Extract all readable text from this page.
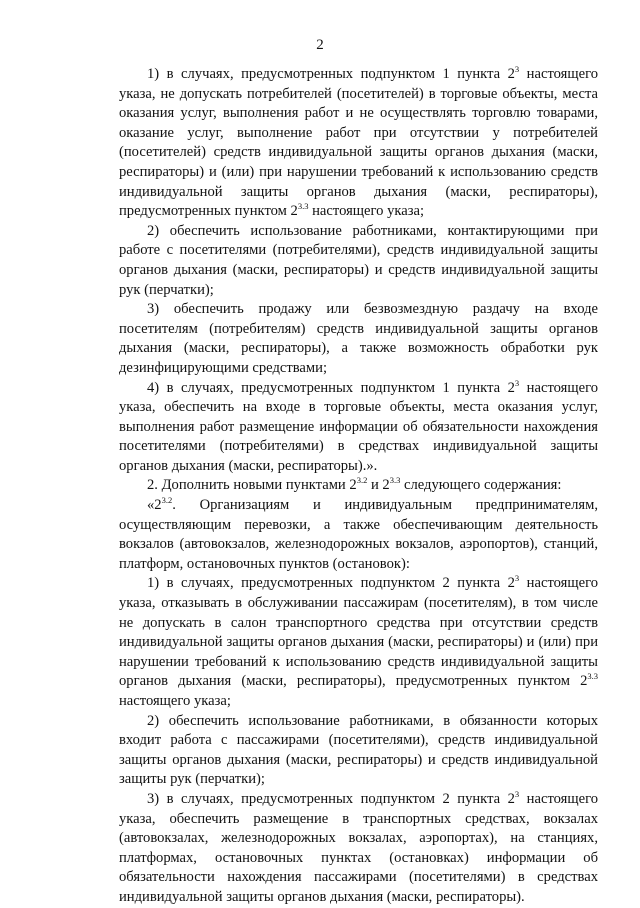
2

1) в случаях, предусмотренных подпунктом 1 пункта $2^3$ настоящего указа, не допускать потребителей (посетителей) в торговые объекты, места оказания услуг, выполнения работ и не осуществлять торговлю товарами, оказание услуг, выполнение работ при отсутствии у потребителей (посетителей) средств индивидуальной защиты органов дыхания (маски, респираторы) и (или) при нарушении требований к использованию средств индивидуальной защиты органов дыхания (маски, респираторы), предусмотренных пунктом $2^{3.3}$ настоящего указа;

2) обеспечить использование работниками, контактирующими при работе с посетителями (потребителями), средств индивидуальной защиты органов дыхания (маски, респираторы) и средств индивидуальной защиты рук (перчатки);

3) обеспечить продажу или безвозмездную раздачу на входе посетителям (потребителям) средств индивидуальной защиты органов дыхания (маски, респираторы), а также возможность обработки рук дезинфицирующими средствами;

4) в случаях, предусмотренных подпунктом 1 пункта $2^3$ настоящего указа, обеспечить на входе в торговые объекты, места оказания услуг, выполнения работ размещение информации об обязательности нахождения посетителями (потребителями) в средствах индивидуальной защиты органов дыхания (маски, респираторы).».

2. Дополнить новыми пунктами $2^{3.2}$ и $2^{3.3}$ следующего содержания:

«$2^{3.2}$. Организациям и индивидуальным предпринимателям, осуществляющим перевозки, а также обеспечивающим деятельность вокзалов (автовокзалов, железнодорожных вокзалов, аэропортов), станций, платформ, остановочных пунктов (остановок):

1) в случаях, предусмотренных подпунктом 2 пункта $2^3$ настоящего указа, отказывать в обслуживании пассажирам (посетителям), в том числе не допускать в салон транспортного средства при отсутствии средств индивидуальной защиты органов дыхания (маски, респираторы) и (или) при нарушении требований к использованию средств индивидуальной защиты органов дыхания (маски, респираторы), предусмотренных пунктом $2^{3.3}$ настоящего указа;

2) обеспечить использование работниками, в обязанности которых входит работа с пассажирами (посетителями), средств индивидуальной защиты органов дыхания (маски, респираторы) и средств индивидуальной защиты рук (перчатки);

3) в случаях, предусмотренных подпунктом 2 пункта $2^3$ настоящего указа, обеспечить размещение в транспортных средствах, вокзалах (автовокзалах, железнодорожных вокзалах, аэропортах), на станциях, платформах, остановочных пунктах (остановках) информации об обязательности нахождения пассажирами (посетителями) в средствах индивидуальной защиты органов дыхания (маски, респираторы).
